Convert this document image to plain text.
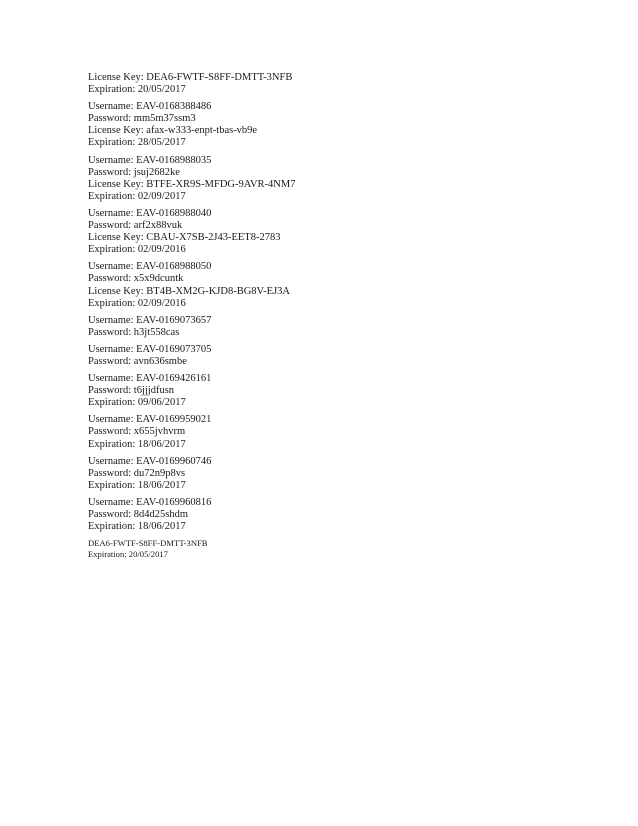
License Key: DEA6-FWTF-S8FF-DMTT-3NFB
Expiration: 20/05/2017
Username: EAV-0168388486
Password: mm5m37ssm3
License Key: afax-w333-enpt-tbas-vb9e
Expiration: 28/05/2017
Username: EAV-0168988035
Password: jsuj2682ke
License Key: BTFE-XR9S-MFDG-9AVR-4NM7
Expiration: 02/09/2017
Username: EAV-0168988040
Password: arf2x88vuk
License Key: CBAU-X7SB-2J43-EET8-2783
Expiration: 02/09/2016
Username: EAV-0168988050
Password: x5x9dcuntk
License Key: BT4B-XM2G-KJD8-BG8V-EJ3A
Expiration: 02/09/2016
Username: EAV-0169073657
Password: h3jt558cas
Username: EAV-0169073705
Password: avn636smbe
Username: EAV-0169426161
Password: t6jjjdfusn
Expiration: 09/06/2017
Username: EAV-0169959021
Password: x655jvhvrm
Expiration: 18/06/2017
Username: EAV-0169960746
Password: du72n9p8vs
Expiration: 18/06/2017
Username: EAV-0169960816
Password: 8d4d25shdm
Expiration: 18/06/2017
DEA6-FWTF-S8FF-DMTT-3NFB
Expiration: 20/05/2017
